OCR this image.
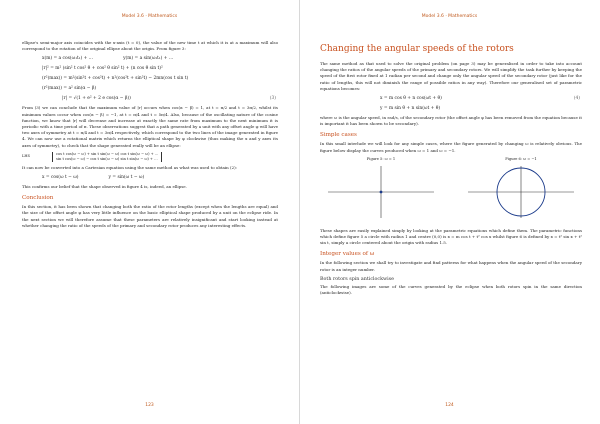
Model 3.6 · Mathematics

ellipse's semi-major axis coincides with the x-axis (t = 0), the value of the new time t at which it is at a maximum will also correspond to the rotation of the original ellipse about the origin. From figure 3:

x(m) = a cos(ω₁t₁) + …	y(m) = a sin(ω₁t₁) + …
|r|² = m² (sin² t cos² θ + cos² θ sin² t) + (n cos θ sin t)²
(r²(max)) = m²(sin²t + cos²t) + n²(cos²t + sin²t) − 2mn(cos t sin t)
(r²(max)) = a² sin(α − β)
|r| = √(1 + e² + 2 e cos(α − β))	(3)

From (3) we can conclude that the maximum value of |r| occurs when cos(α − β) = 1, at t = π/2 and t = 3π/2, whilst its minimum values occur when cos(α − β) = −1, at t = π/4 and t = 5π/4. Also, because of the oscillating nature of the cosine function, we know that |r| will decrease and increase at exactly the same rate from maximum to the next minimum it is periodic with a time period of π. These observations suggest that a path generated by a unit with any offset angle φ will have two axes of symmetry at t = π/4 and t = 3π/4 respectively, which correspond to the two lines of the image generated in figure 4. We can now use a rotational matrix which returns the elliptical shape by φ clockwise (thus making the x and y axes its axes of symmetry), to check that the shape generated really will be an ellipse:

LHS
cos t cos(ω − ω) + sin t sin(ω − ω) cos t sin(ω − ω) + …
sin t cos(ω − ω) − cos t sin(ω − ω) sin t sin(ω − ω) + …

It can now be converted into a Cartesian equation using the same method as what was used to obtain (2):

x = cos(ω t − ω)	y = sin(ω t − ω)

This confirms our belief that the shape observed in figure 4 is, indeed, an ellipse.

Conclusion

In this section, it has been shown that changing both the ratio of the rotor lengths (except when the lengths are equal) and the size of the offset angle φ has very little influence on the basic elliptical shape produced by a unit on the eclipse ride. In the next section we will therefore assume that these parameters are relatively insignificant and start looking instead at whether changing the ratio of the speeds of the primary and secondary rotor produces any interesting effects.

123
Model 3.6 · Mathematics
Changing the angular speeds of the rotors

The same method as that used to solve the original problem (on page 3) may be generalised in order to take into account changing the ratios of the angular speeds of the primary and secondary rotors. We will simplify the task further by keeping the speed of the first rotor fixed at 1 radian per second and change only the angular speed of the secondary rotor (just like for the ratio of lengths, this will not diminish the range of possible ratios in any way). Therefore our generalised set of parametric equations becomes:

x = m cos θ + n cos(ωt + θ)	(4)
y = m sin θ + n sin(ωt + θ)

where ω is the angular speed, in rad/s, of the secondary rotor (the offset angle φ has been removed from the equation because it is important it has been shown to be secondary).

Simple cases

In this small interlude we will look for any simple cases, where the figure generated by changing ω is relatively obvious. The figure below display the curves produced when ω = 1 and ω = −1.

Figure 5: ω = 1	Figure 6: ω = −1

These shapes are easily explained simply by looking at the parametric equations which define them. The parametric functions which define figure 5 a circle with radius 1 and centre (0,0) is x = m cos t + t² cos x whilst figure 6 is defined by x = t² sin x + t² sin t, simply a circle centered about the origin with radius 1.5.

Integer values of ω

In the following section we shall try to investigate and find patterns for what happens when the angular speed of the secondary rotor is an integer number.

Both rotors spin anticlockwise

The following images are some of the curves generated by the eclipse when both rotors spin in the same direction (anticlockwise).

124
